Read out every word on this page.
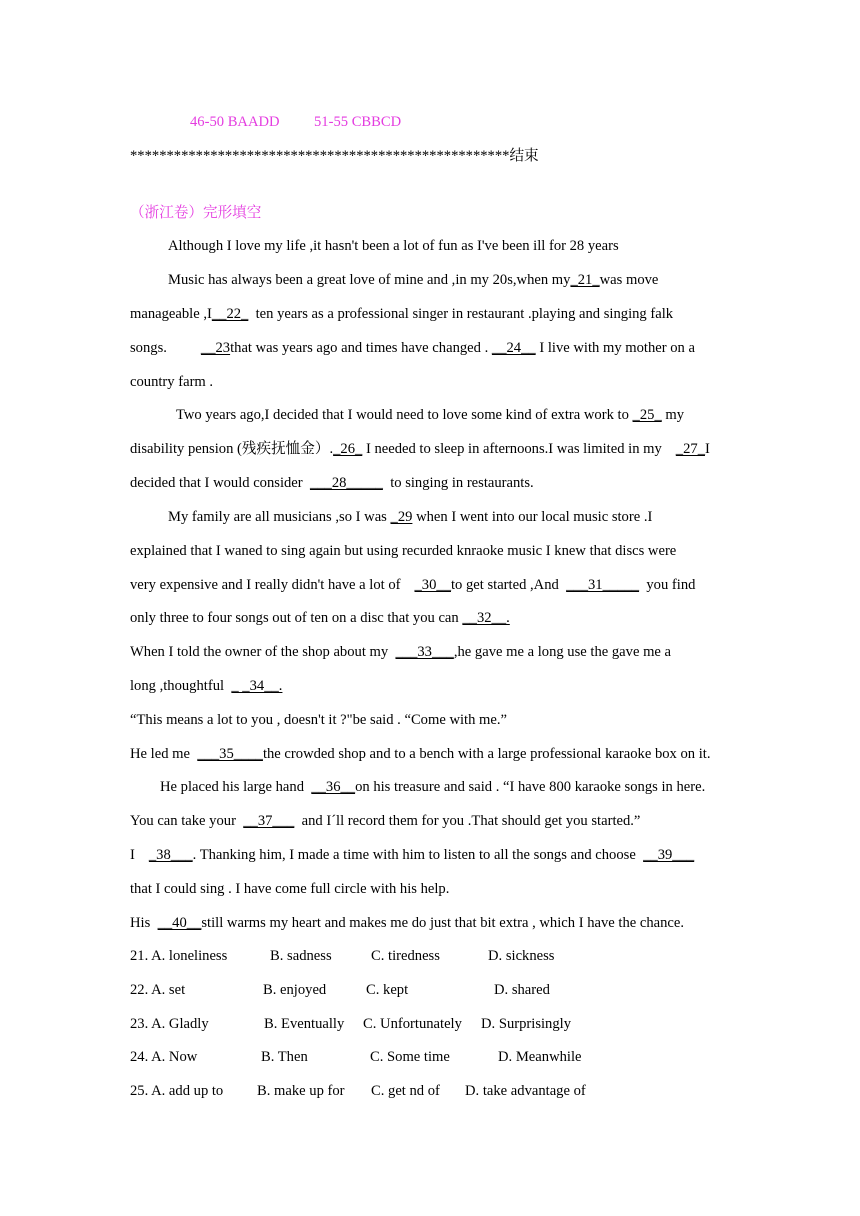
46-50 BAADD 51-55 CBBCD
****************************************************结束
（浙江卷）完形填空
Although I love my life ,it hasn't been a lot of fun as I've been ill for 28 years
Music has always been a great love of mine and ,in my 20s,when my_21_was move
manageable ,I__22_ ten years as a professional singer in restaurant .playing and singing falk
songs. __23that was years ago and times have changed . __24__ I live with my mother on a
country farm .
Two years ago,I decided that I would need to love some kind of extra work to _25_ my
disability pension (残疾抚恤金）._26_ I needed to sleep in afternoons.I was limited in my _27_I
decided that I would consider ___28_____ to singing in restaurants.
My family are all musicians ,so I was _29 when I went into our local music store .I
explained that I waned to sing again but using recurded knraoke music I knew that discs were
very expensive and I really didn't have a lot of _30__to get started ,And ___31_____ you find
only three to four songs out of ten on a disc that you can __32__.
When I told the owner of the shop about my ___33___,he gave me a long use the gave me a
long ,thoughtful _ _34__.
“This means a lot to you , doesn't it ?"be said . “Come with me.”
He led me ___35____the crowded shop and to a bench with a large professional karaoke box on it.
He placed his large hand __36__on his treasure and said . “I have 800 karaoke songs in here.
You can take your __37___ and I´ll record them for you .That should get you started.”
I _38___. Thanking him, I made a time with him to listen to all the songs and choose __39___
that I could sing . I have come full circle with his help.
His __40__still warms my heart and makes me do just that bit extra , which I have the chance.
21. A. loneliness	B. sadness	C. tiredness	D. sickness
22. A. set	B. enjoyed	C. kept	D. shared
23. A. Gladly	B. Eventually C. Unfortunately D. Surprisingly
24. A. Now	B. Then	C. Some time	D. Meanwhile
25. A. add up to B. make up for C. get nd of D. take advantage of
